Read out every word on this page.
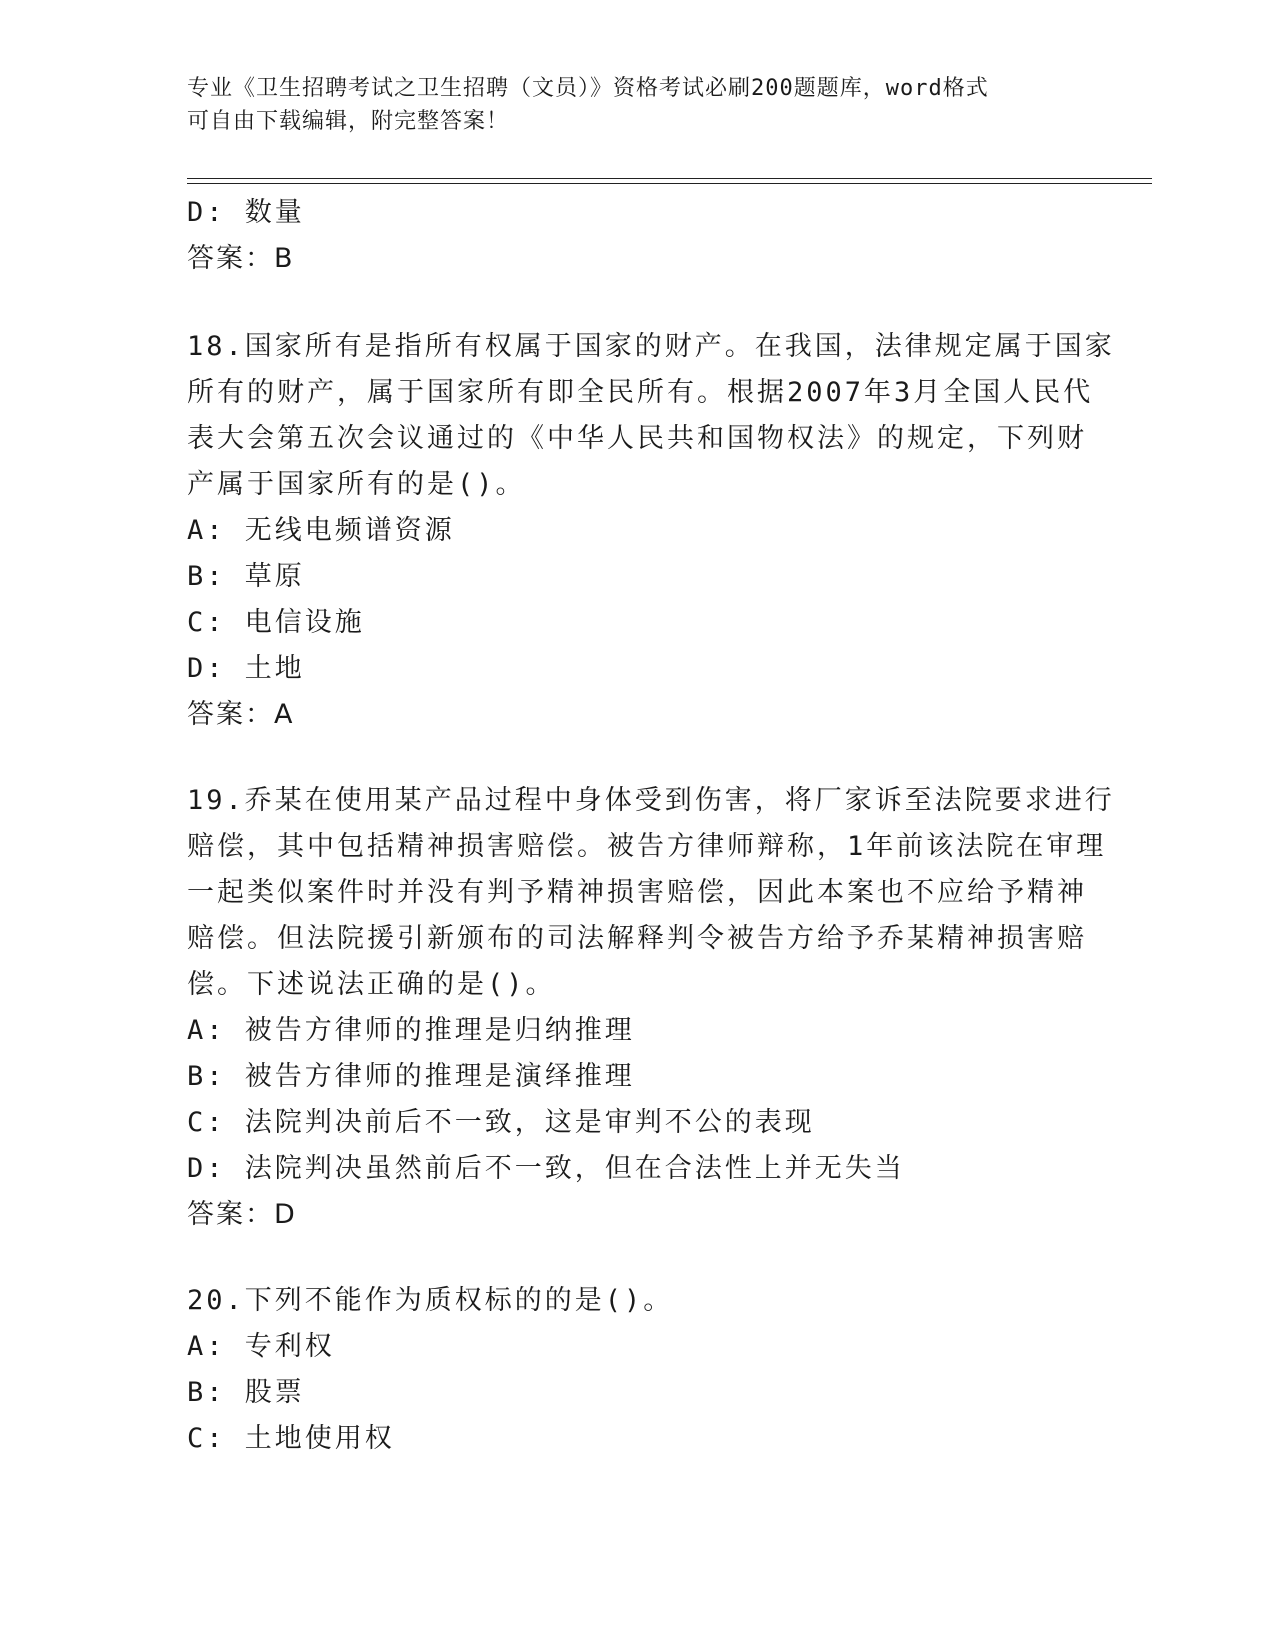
专业《卫生招聘考试之卫生招聘（文员）》资格考试必刷200题题库，word格式
可自由下载编辑，附完整答案！
D: 数量
答案：B
18.国家所有是指所有权属于国家的财产。在我国，法律规定属于国家
所有的财产，属于国家所有即全民所有。根据2007年3月全国人民代
表大会第五次会议通过的《中华人民共和国物权法》的规定，下列财
产属于国家所有的是()。
A: 无线电频谱资源
B: 草原
C: 电信设施
D: 土地
答案：A
19.乔某在使用某产品过程中身体受到伤害，将厂家诉至法院要求进行
赔偿，其中包括精神损害赔偿。被告方律师辩称，1年前该法院在审理
一起类似案件时并没有判予精神损害赔偿，因此本案也不应给予精神
赔偿。但法院援引新颁布的司法解释判令被告方给予乔某精神损害赔
偿。下述说法正确的是()。
A: 被告方律师的推理是归纳推理
B: 被告方律师的推理是演绎推理
C: 法院判决前后不一致，这是审判不公的表现
D: 法院判决虽然前后不一致，但在合法性上并无失当
答案：D
20.下列不能作为质权标的的是()。
A: 专利权
B: 股票
C: 土地使用权
